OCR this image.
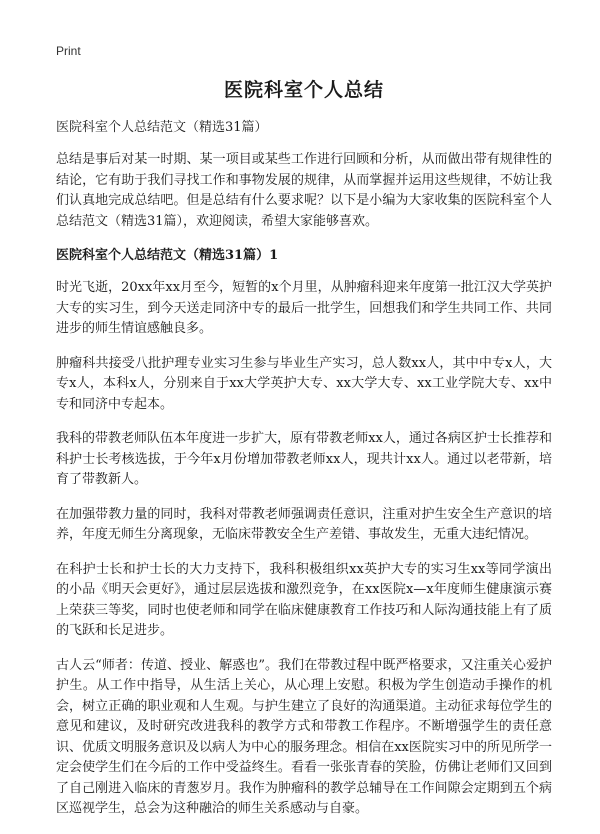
Print
医院科室个人总结
医院科室个人总结范文（精选31篇）
总结是事后对某一时期、某一项目或某些工作进行回顾和分析，从而做出带有规律性的结论，它有助于我们寻找工作和事物发展的规律，从而掌握并运用这些规律，不妨让我们认真地完成总结吧。但是总结有什么要求呢？以下是小编为大家收集的医院科室个人总结范文（精选31篇），欢迎阅读，希望大家能够喜欢。
医院科室个人总结范文（精选31篇）1
时光飞逝，20xx年xx月至今，短暂的x个月里，从肿瘤科迎来年度第一批江汉大学英护大专的实习生，到今天送走同济中专的最后一批学生，回想我们和学生共同工作、共同进步的师生情谊感触良多。
肿瘤科共接受八批护理专业实习生参与毕业生产实习，总人数xx人，其中中专x人，大专x人，本科x人，分别来自于xx大学英护大专、xx大学大专、xx工业学院大专、xx中专和同济中专起本。
我科的带教老师队伍本年度进一步扩大，原有带教老师xx人，通过各病区护士长推荐和科护士长考核选拔，于今年x月份增加带教老师xx人，现共计xx人。通过以老带新，培育了带教新人。
在加强带教力量的同时，我科对带教老师强调责任意识，注重对护生安全生产意识的培养，年度无师生分离现象，无临床带教安全生产差错、事故发生，无重大违纪情况。
在科护士长和护士长的大力支持下，我科积极组织xx英护大专的实习生xx等同学演出的小品《明天会更好》，通过层层选拔和激烈竞争，在xx医院x—x年度师生健康演示赛上荣获三等奖，同时也使老师和同学在临床健康教育工作技巧和人际沟通技能上有了质的飞跃和长足进步。
古人云“师者：传道、授业、解惑也”。我们在带教过程中既严格要求，又注重关心爱护护生。从工作中指导，从生活上关心，从心理上安慰。积极为学生创造动手操作的机会，树立正确的职业观和人生观。与护生建立了良好的沟通渠道。主动征求每位学生的意见和建议，及时研究改进我科的教学方式和带教工作程序。不断增强学生的责任意识、优质文明服务意识及以病人为中心的服务理念。相信在xx医院实习中的所见所学一定会使学生们在今后的工作中受益终生。看看一张张青春的笑脸，仿佛让老师们又回到了自己刚进入临床的青葱岁月。我作为肿瘤科的教学总辅导在工作间隙会定期到五个病区巡视学生，总会为这种融洽的师生关系感动与自豪。
